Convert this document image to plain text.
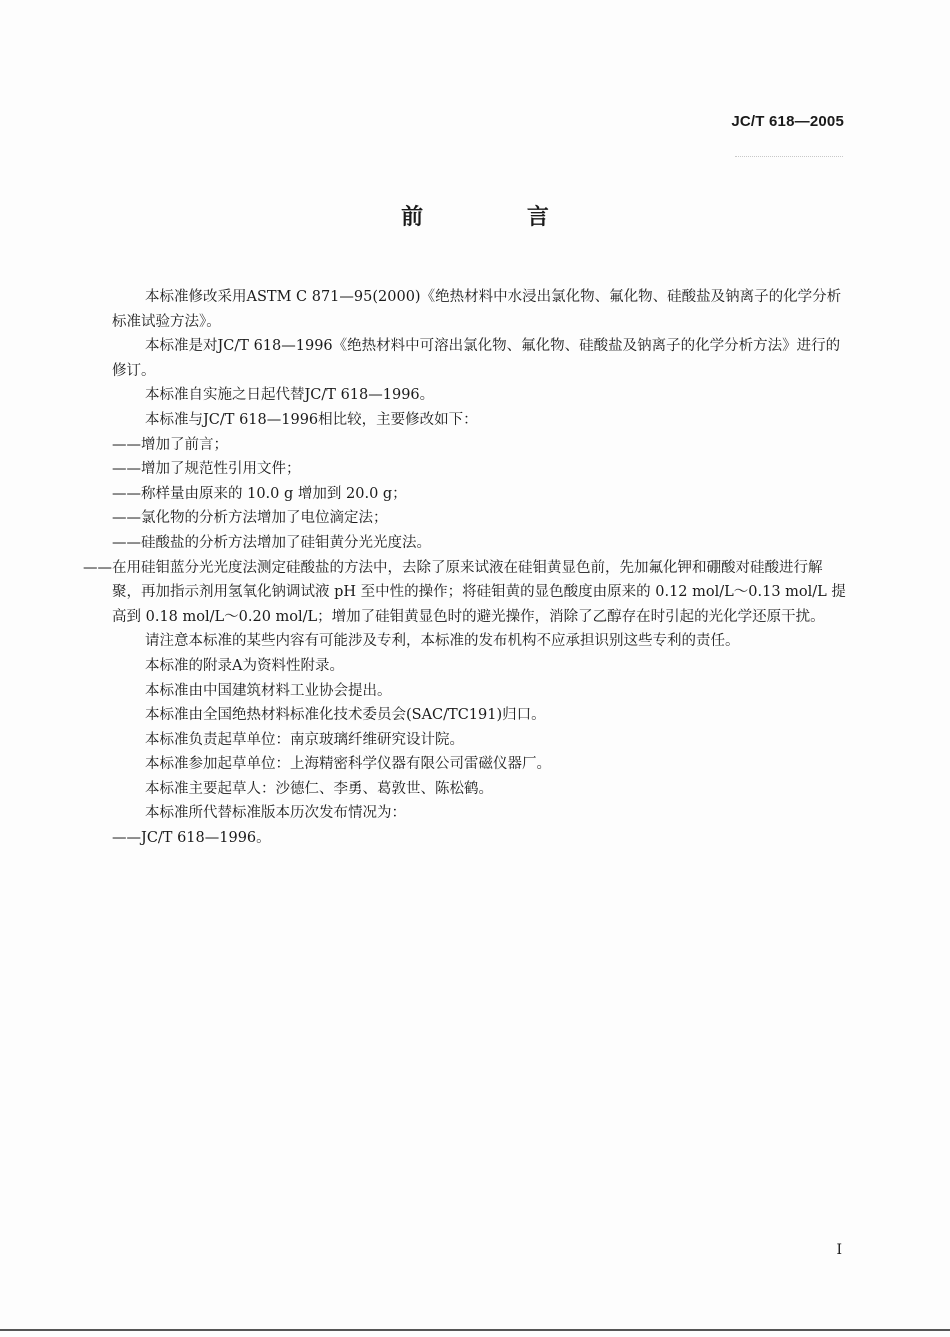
JC/T 618—2005
前 言

本标准修改采用ASTM C 871—95(2000)《绝热材料中水浸出氯化物、氟化物、硅酸盐及钠离子的化学分析标准试验方法》。

本标准是对JC/T 618—1996《绝热材料中可溶出氯化物、氟化物、硅酸盐及钠离子的化学分析方法》进行的修订。

本标准自实施之日起代替JC/T 618—1996。

本标准与JC/T 618—1996相比较，主要修改如下：

——增加了前言；

——增加了规范性引用文件；

——称样量由原来的 10.0 g 增加到 20.0 g；

——氯化物的分析方法增加了电位滴定法；

——硅酸盐的分析方法增加了硅钼黄分光光度法。

——在用硅钼蓝分光光度法测定硅酸盐的方法中，去除了原来试液在硅钼黄显色前，先加氟化钾和硼酸对硅酸进行解聚，再加指示剂用氢氧化钠调试液 pH 至中性的操作；将硅钼黄的显色酸度由原来的 0.12 mol/L～0.13 mol/L 提高到 0.18 mol/L～0.20 mol/L；增加了硅钼黄显色时的避光操作，消除了乙醇存在时引起的光化学还原干扰。

请注意本标准的某些内容有可能涉及专利，本标准的发布机构不应承担识别这些专利的责任。

本标准的附录A为资料性附录。

本标准由中国建筑材料工业协会提出。

本标准由全国绝热材料标准化技术委员会(SAC/TC191)归口。

本标准负责起草单位：南京玻璃纤维研究设计院。

本标准参加起草单位：上海精密科学仪器有限公司雷磁仪器厂。

本标准主要起草人：沙德仁、李勇、葛敦世、陈松鹤。

本标准所代替标准版本历次发布情况为：

——JC/T 618—1996。

I
